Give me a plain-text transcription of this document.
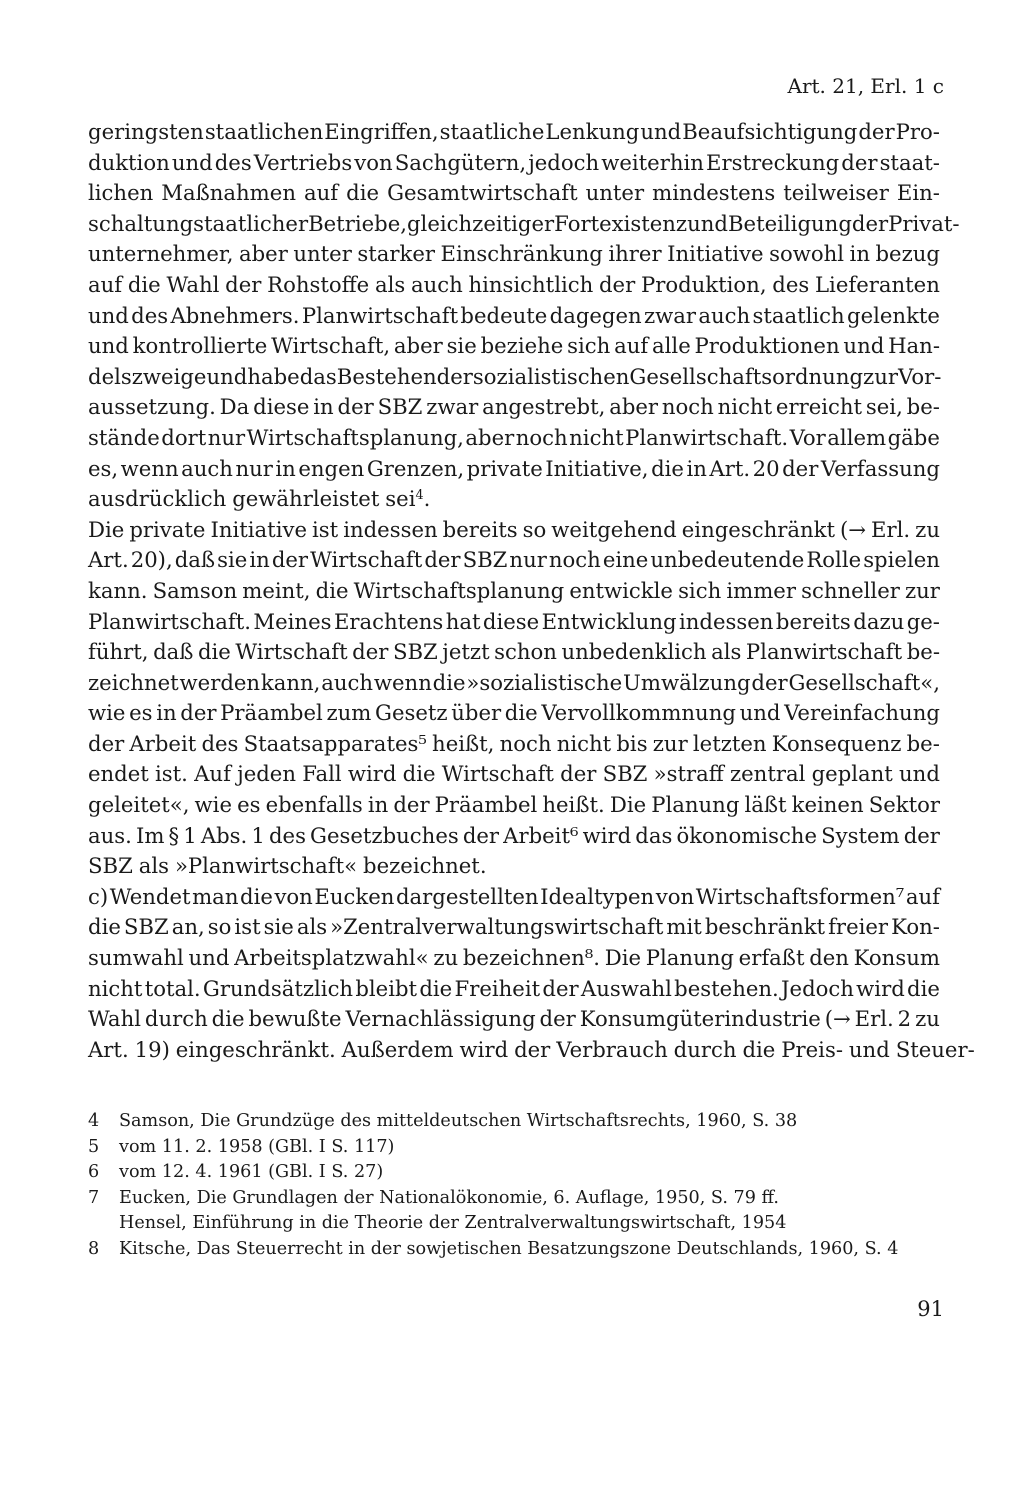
Art. 21, Erl. 1 c
geringsten staatlichen Eingriffen, staatliche Lenkung und Beaufsichtigung der Pro-
duktion und des Vertriebs von Sachgütern, jedoch weiterhin Erstreckung der staat-
lichen Maßnahmen auf die Gesamtwirtschaft unter mindestens teilweiser Ein-
schaltung staatlicher Betriebe, gleichzeitiger Fortexistenz und Beteiligung der Privat-
unternehmer, aber unter starker Einschränkung ihrer Initiative sowohl in bezug
auf die Wahl der Rohstoffe als auch hinsichtlich der Produktion, des Lieferanten
und des Abnehmers. Planwirtschaft bedeute dagegen zwar auch staatlich gelenkte
und kontrollierte Wirtschaft, aber sie beziehe sich auf alle Produktionen und Han-
delszweige und habe das Bestehen der sozialistischen Gesellschaftsordnung zur Vor-
aussetzung. Da diese in der SBZ zwar angestrebt, aber noch nicht erreicht sei, be-
stände dort nur Wirtschaftsplanung, aber noch nicht Planwirtschaft. Vor allem gäbe
es, wenn auch nur in engen Grenzen, private Initiative, die in Art. 20 der Verfassung
ausdrücklich gewährleistet sei$^4$.
Die private Initiative ist indessen bereits so weitgehend eingeschränkt (→ Erl. zu
Art. 20), daß sie in der Wirtschaft der SBZ nur noch eine unbedeutende Rolle spielen
kann. Samson meint, die Wirtschaftsplanung entwickle sich immer schneller zur
Planwirtschaft. Meines Erachtens hat diese Entwicklung indessen bereits dazu ge-
führt, daß die Wirtschaft der SBZ jetzt schon unbedenklich als Planwirtschaft be-
zeichnet werden kann, auch wenn die »sozialistische Umwälzung der Gesellschaft«,
wie es in der Präambel zum Gesetz über die Vervollkommnung und Vereinfachung
der Arbeit des Staatsapparates⁵ heißt, noch nicht bis zur letzten Konsequenz be-
endet ist. Auf jeden Fall wird die Wirtschaft der SBZ »straff zentral geplant und
geleitet«, wie es ebenfalls in der Präambel heißt. Die Planung läßt keinen Sektor
aus. Im § 1 Abs. 1 des Gesetzbuches der Arbeit⁶ wird das ökonomische System der
SBZ als »Planwirtschaft« bezeichnet.
c) Wendet man die von Eucken dargestellten Idealtypen von Wirtschaftsformen⁷ auf
die SBZ an, so ist sie als »Zentralverwaltungswirtschaft mit beschränkt freier Kon-
sumwahl und Arbeitsplatzwahl« zu bezeichnen⁸. Die Planung erfaßt den Konsum
nicht total. Grundsätzlich bleibt die Freiheit der Auswahl bestehen. Jedoch wird die
Wahl durch die bewußte Vernachlässigung der Konsumgüterindustrie (→ Erl. 2 zu
Art. 19) eingeschränkt. Außerdem wird der Verbrauch durch die Preis- und Steuer-
4	Samson, Die Grundzüge des mitteldeutschen Wirtschaftsrechts, 1960, S. 38
5	vom 11. 2. 1958 (GBl. I S. 117)
6	vom 12. 4. 1961 (GBl. I S. 27)
7	Eucken, Die Grundlagen der Nationalökonomie, 6. Auflage, 1950, S. 79 ff.
Hensel, Einführung in die Theorie der Zentralverwaltungswirtschaft, 1954
8	Kitsche, Das Steuerrecht in der sowjetischen Besatzungszone Deutschlands, 1960, S. 4
91
